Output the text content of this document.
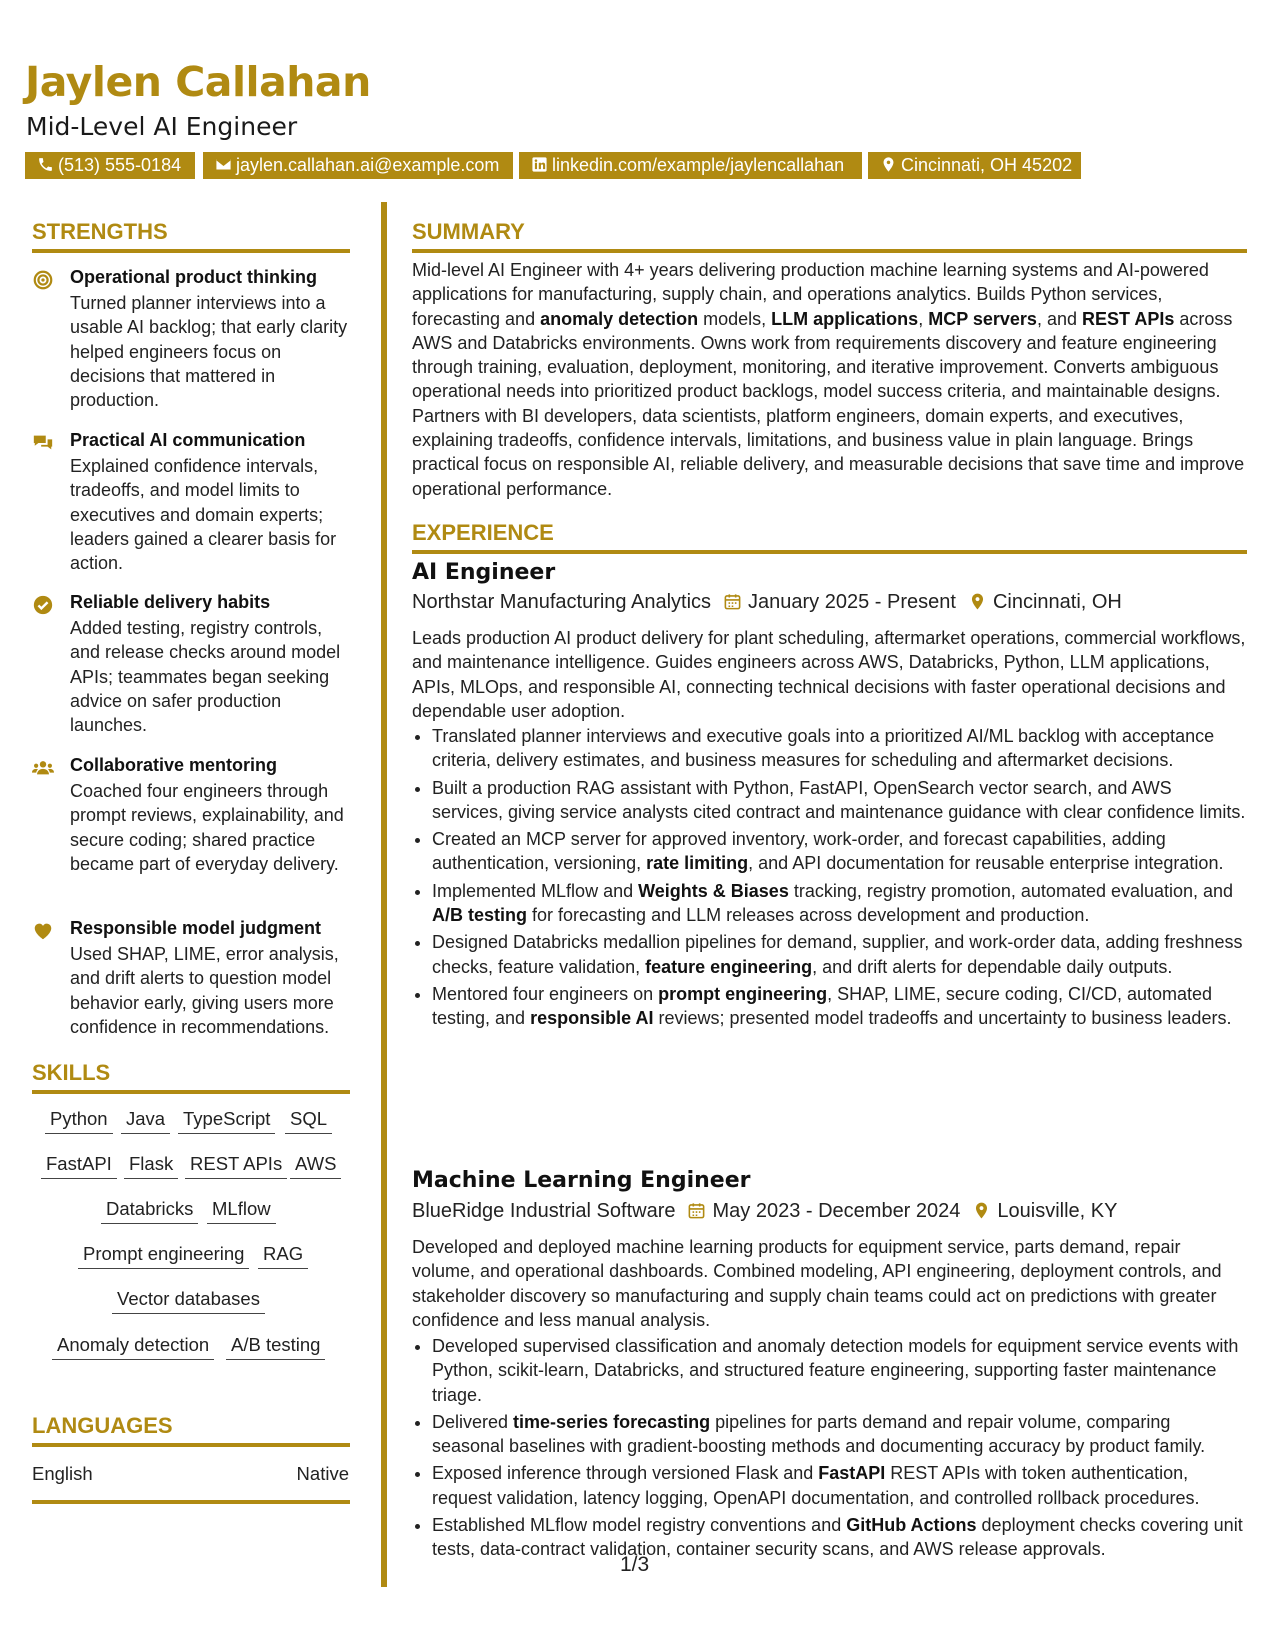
Jaylen Callahan
Mid-Level AI Engineer
(513) 555-0184	jaylen.callahan.ai@example.com	linkedin.com/example/jaylencallahan	Cincinnati, OH 45202
STRENGTHS
Operational product thinking
Turned planner interviews into a usable AI backlog; that early clarity helped engineers focus on decisions that mattered in production.
Practical AI communication
Explained confidence intervals, tradeoffs, and model limits to executives and domain experts; leaders gained a clearer basis for action.
Reliable delivery habits
Added testing, registry controls, and release checks around model APIs; teammates began seeking advice on safer production launches.
Collaborative mentoring
Coached four engineers through prompt reviews, explainability, and secure coding; shared practice became part of everyday delivery.
Responsible model judgment
Used SHAP, LIME, error analysis, and drift alerts to question model behavior early, giving users more confidence in recommendations.
SKILLS
Python Java TypeScript SQL
FastAPI Flask REST APIs AWS
Databricks MLflow
Prompt engineering RAG
Vector databases
Anomaly detection A/B testing
LANGUAGES
English	Native
SUMMARY

Mid-level AI Engineer with 4+ years delivering production machine learning systems and AI-powered applications for manufacturing, supply chain, and operations analytics. Builds Python services, forecasting and anomaly detection models, LLM applications, MCP servers, and REST APIs across AWS and Databricks environments. Owns work from requirements discovery and feature engineering through training, evaluation, deployment, monitoring, and iterative improvement. Converts ambiguous operational needs into prioritized product backlogs, model success criteria, and maintainable designs. Partners with BI developers, data scientists, platform engineers, domain experts, and executives, explaining tradeoffs, confidence intervals, limitations, and business value in plain language. Brings practical focus on responsible AI, reliable delivery, and measurable decisions that save time and improve operational performance.

EXPERIENCE
AI Engineer
Northstar Manufacturing Analytics January 2025 - Present Cincinnati, OH

Leads production AI product delivery for plant scheduling, aftermarket operations, commercial workflows, and maintenance intelligence. Guides engineers across AWS, Databricks, Python, LLM applications, APIs, MLOps, and responsible AI, connecting technical decisions with faster operational decisions and dependable user adoption.

• Translated planner interviews and executive goals into a prioritized AI/ML backlog with acceptance criteria, delivery estimates, and business measures for scheduling and aftermarket decisions.
• Built a production RAG assistant with Python, FastAPI, OpenSearch vector search, and AWS services, giving service analysts cited contract and maintenance guidance with clear confidence limits.
• Created an MCP server for approved inventory, work-order, and forecast capabilities, adding authentication, versioning, rate limiting, and API documentation for reusable enterprise integration.
• Implemented MLflow and Weights & Biases tracking, registry promotion, automated evaluation, and A/B testing for forecasting and LLM releases across development and production.
• Designed Databricks medallion pipelines for demand, supplier, and work-order data, adding freshness checks, feature validation, feature engineering, and drift alerts for dependable daily outputs.
• Mentored four engineers on prompt engineering, SHAP, LIME, secure coding, CI/CD, automated testing, and responsible AI reviews; presented model tradeoffs and uncertainty to business leaders.
Machine Learning Engineer
BlueRidge Industrial Software May 2023 - December 2024 Louisville, KY

Developed and deployed machine learning products for equipment service, parts demand, repair volume, and operational dashboards. Combined modeling, API engineering, deployment controls, and stakeholder discovery so manufacturing and supply chain teams could act on predictions with greater confidence and less manual analysis.

• Developed supervised classification and anomaly detection models for equipment service events with Python, scikit-learn, Databricks, and structured feature engineering, supporting faster maintenance triage.
• Delivered time-series forecasting pipelines for parts demand and repair volume, comparing seasonal baselines with gradient-boosting methods and documenting accuracy by product family.
• Exposed inference through versioned Flask and FastAPI REST APIs with token authentication, request validation, latency logging, OpenAPI documentation, and controlled rollback procedures.
• Established MLflow model registry conventions and GitHub Actions deployment checks covering unit tests, data-contract validation, container security scans, and AWS release approvals.
1/3
